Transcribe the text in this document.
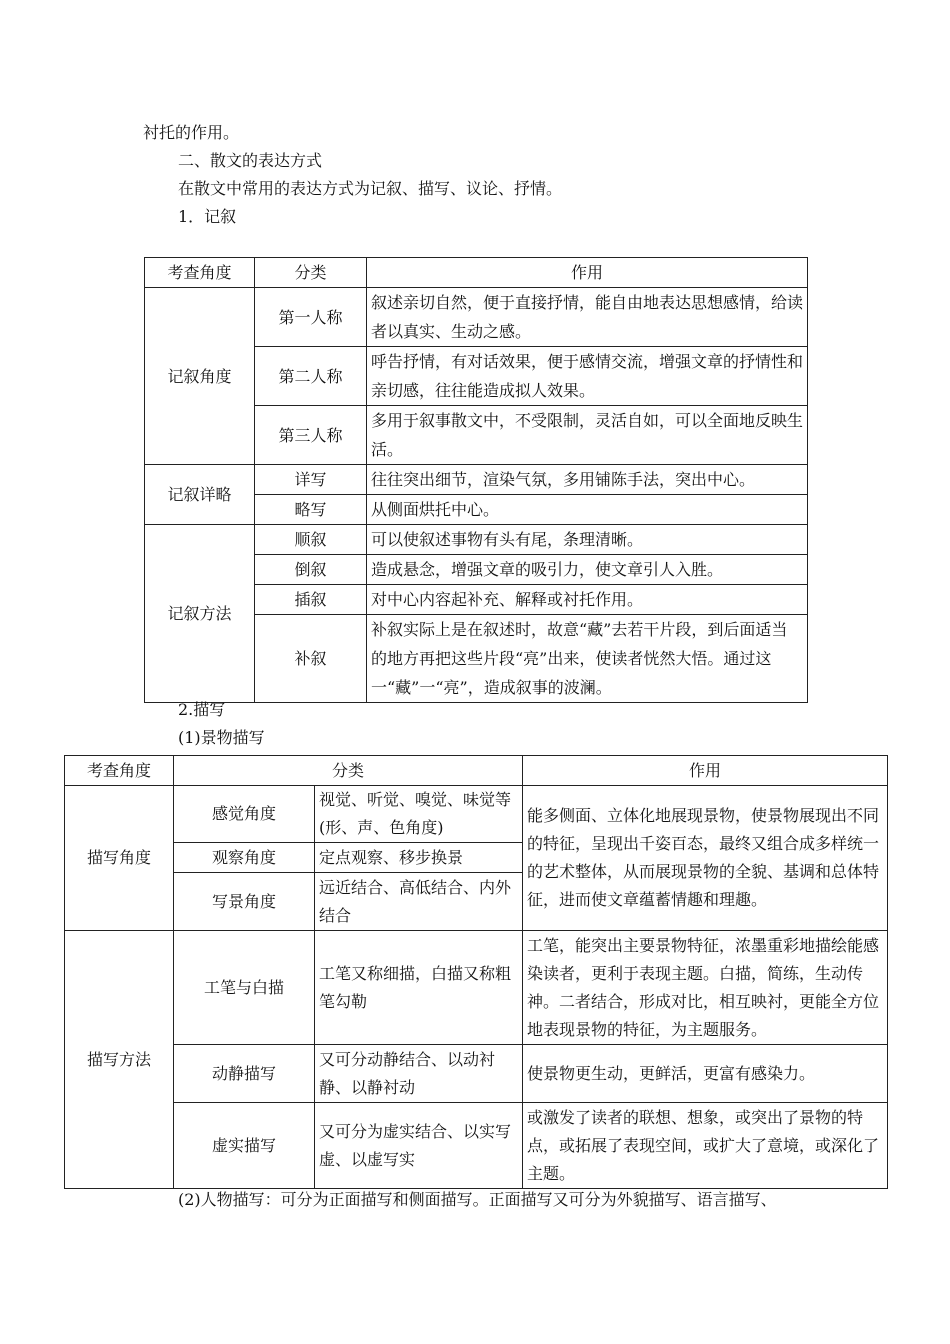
衬托的作用。
二、散文的表达方式
在散文中常用的表达方式为记叙、描写、议论、抒情。
1．记叙
考查角度	分类	作用
记叙角度	第一人称	叙述亲切自然，便于直接抒情，能自由地表达思想感情，给读者以真实、生动之感。
	第二人称	呼告抒情，有对话效果，便于感情交流，增强文章的抒情性和亲切感，往往能造成拟人效果。
	第三人称	多用于叙事散文中，不受限制，灵活自如，可以全面地反映生活。
记叙详略	详写	往往突出细节，渲染气氛，多用铺陈手法，突出中心。
	略写	从侧面烘托中心。
记叙方法	顺叙	可以使叙述事物有头有尾，条理清晰。
	倒叙	造成悬念，增强文章的吸引力，使文章引人入胜。
	插叙	对中心内容起补充、解释或衬托作用。
	补叙	补叙实际上是在叙述时，故意“藏”去若干片段，到后面适当的地方再把这些片段“亮”出来，使读者恍然大悟。通过这一“藏”一“亮”，造成叙事的波澜。
2.描写
(1)景物描写
考查角度	分类		作用
描写角度	感觉角度	视觉、听觉、嗅觉、味觉等(形、声、色角度)	能多侧面、立体化地展现景物，使景物展现出不同的特征，呈现出千姿百态，最终又组合成多样统一的艺术整体，从而展现景物的全貌、基调和总体特征，进而使文章蕴蓄情趣和理趣。
	观察角度	定点观察、移步换景	
	写景角度	远近结合、高低结合、内外结合	
描写方法	工笔与白描	工笔又称细描，白描又称粗笔勾勒	工笔，能突出主要景物特征，浓墨重彩地描绘能感染读者，更利于表现主题。白描，简练，生动传神。二者结合，形成对比，相互映衬，更能全方位地表现景物的特征，为主题服务。
	动静描写	又可分动静结合、以动衬静、以静衬动	使景物更生动，更鲜活，更富有感染力。
	虚实描写	又可分为虚实结合、以实写虚、以虚写实	或激发了读者的联想、想象，或突出了景物的特点，或拓展了表现空间，或扩大了意境，或深化了主题。
(2)人物描写：可分为正面描写和侧面描写。正面描写又可分为外貌描写、语言描写、
